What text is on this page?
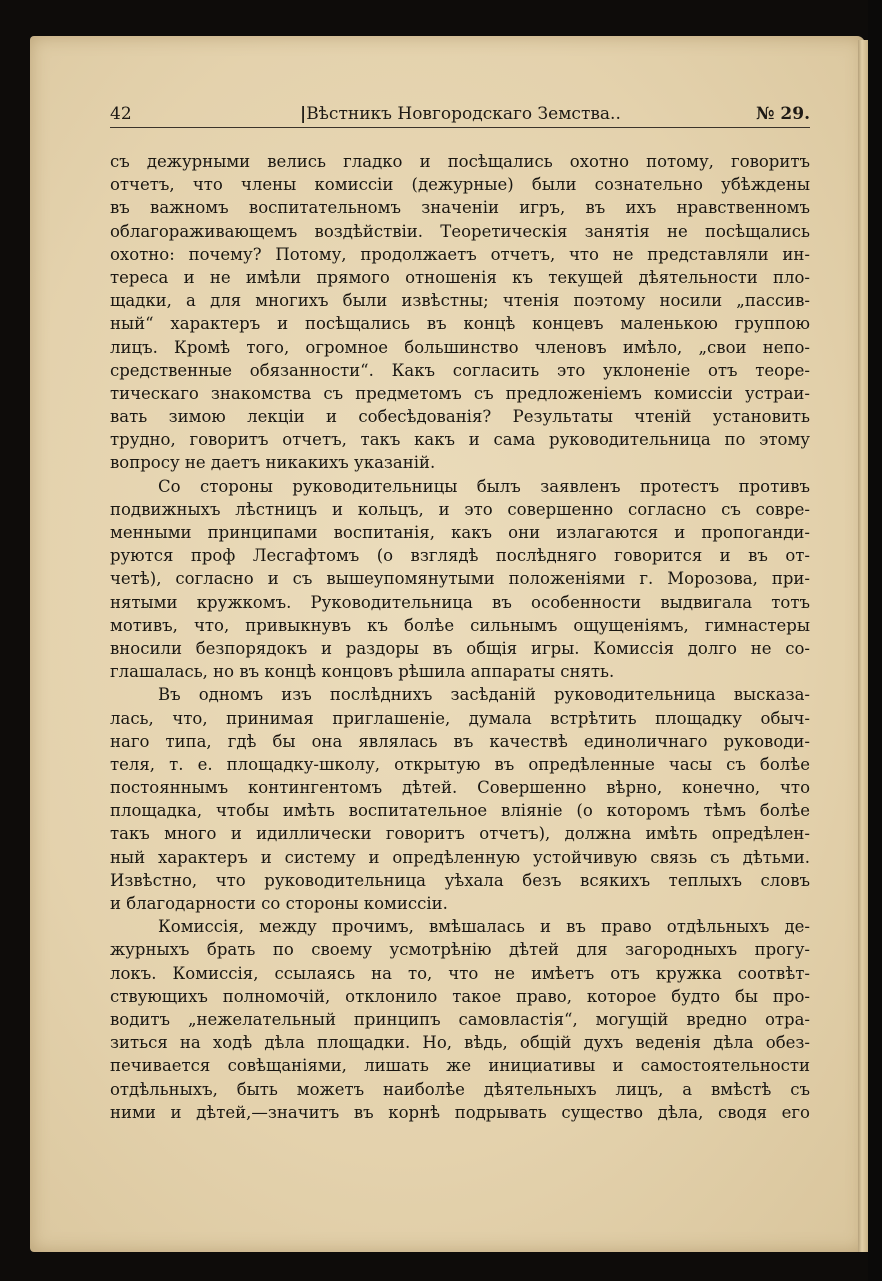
42	|Вѣстникъ Новгородскаго Земства..	№ 29.
съ дежурными велись гладко и посѣщались охотно потому, говоритъ
отчетъ, что члены комиссіи (дежурные) были сознательно убѣждены
въ важномъ воспитательномъ значеніи игръ, въ ихъ нравственномъ
облагораживающемъ воздѣйствіи. Теоретическія занятія не посѣщались
охотно: почему? Потому, продолжаетъ отчетъ, что не представляли ин-
тереса и не имѣли прямого отношенія къ текущей дѣятельности пло-
щадки, а для многихъ были извѣстны; чтенія поэтому носили „пассив-
ный“ характеръ и посѣщались въ концѣ концевъ маленькою группою
лицъ. Кромѣ того, огромное большинство членовъ имѣло, „свои непо-
средственные обязанности“. Какъ согласить это уклоненіе отъ теоре-
тическаго знакомства съ предметомъ съ предложеніемъ комиссіи устраи-
вать зимою лекціи и собесѣдованія? Результаты чтеній установить
трудно, говоритъ отчетъ, такъ какъ и сама руководительница по этому
вопросу не даетъ никакихъ указаній.
Со стороны руководительницы былъ заявленъ протестъ противъ
подвижныхъ лѣстницъ и кольцъ, и это совершенно согласно съ совре-
менными принципами воспитанія, какъ они излагаются и пропоганди-
руются проф Лесгафтомъ (о взглядѣ послѣдняго говорится и въ от-
четѣ), согласно и съ вышеупомянутыми положеніями г. Морозова, при-
нятыми кружкомъ. Руководительница въ особенности выдвигала тотъ
мотивъ, что, привыкнувъ къ болѣе сильнымъ ощущеніямъ, гимнастеры
вносили безпорядокъ и раздоры въ общія игры. Комиссія долго не со-
глашалась, но въ концѣ концовъ рѣшила аппараты снять.
Въ одномъ изъ послѣднихъ засѣданій руководительница высказа-
лась, что, принимая приглашеніе, думала встрѣтить площадку обыч-
наго типа, гдѣ бы она являлась въ качествѣ единоличнаго руководи-
теля, т. е. площадку-школу, открытую въ опредѣленные часы съ болѣе
постояннымъ контингентомъ дѣтей. Совершенно вѣрно, конечно, что
площадка, чтобы имѣть воспитательное вліяніе (о которомъ тѣмъ болѣе
такъ много и идиллически говоритъ отчетъ), должна имѣть опредѣлен-
ный характеръ и систему и опредѣленную устойчивую связь съ дѣтьми.
Извѣстно, что руководительница уѣхала безъ всякихъ теплыхъ словъ
и благодарности со стороны комиссіи.
Комиссія, между прочимъ, вмѣшалась и въ право отдѣльныхъ де-
журныхъ брать по своему усмотрѣнію дѣтей для загородныхъ прогу-
локъ. Комиссія, ссылаясь на то, что не имѣетъ отъ кружка соотвѣт-
ствующихъ полномочій, отклонило такое право, которое будто бы про-
водитъ „нежелательный принципъ самовластія“, могущій вредно отра-
зиться на ходѣ дѣла площадки. Но, вѣдь, общій духъ веденія дѣла обез-
печивается совѣщаніями, лишать же инициативы и самостоятельности
отдѣльныхъ, быть можетъ наиболѣе дѣятельныхъ лицъ, а вмѣстѣ съ
ними и дѣтей,—значитъ въ корнѣ подрывать существо дѣла, сводя его
